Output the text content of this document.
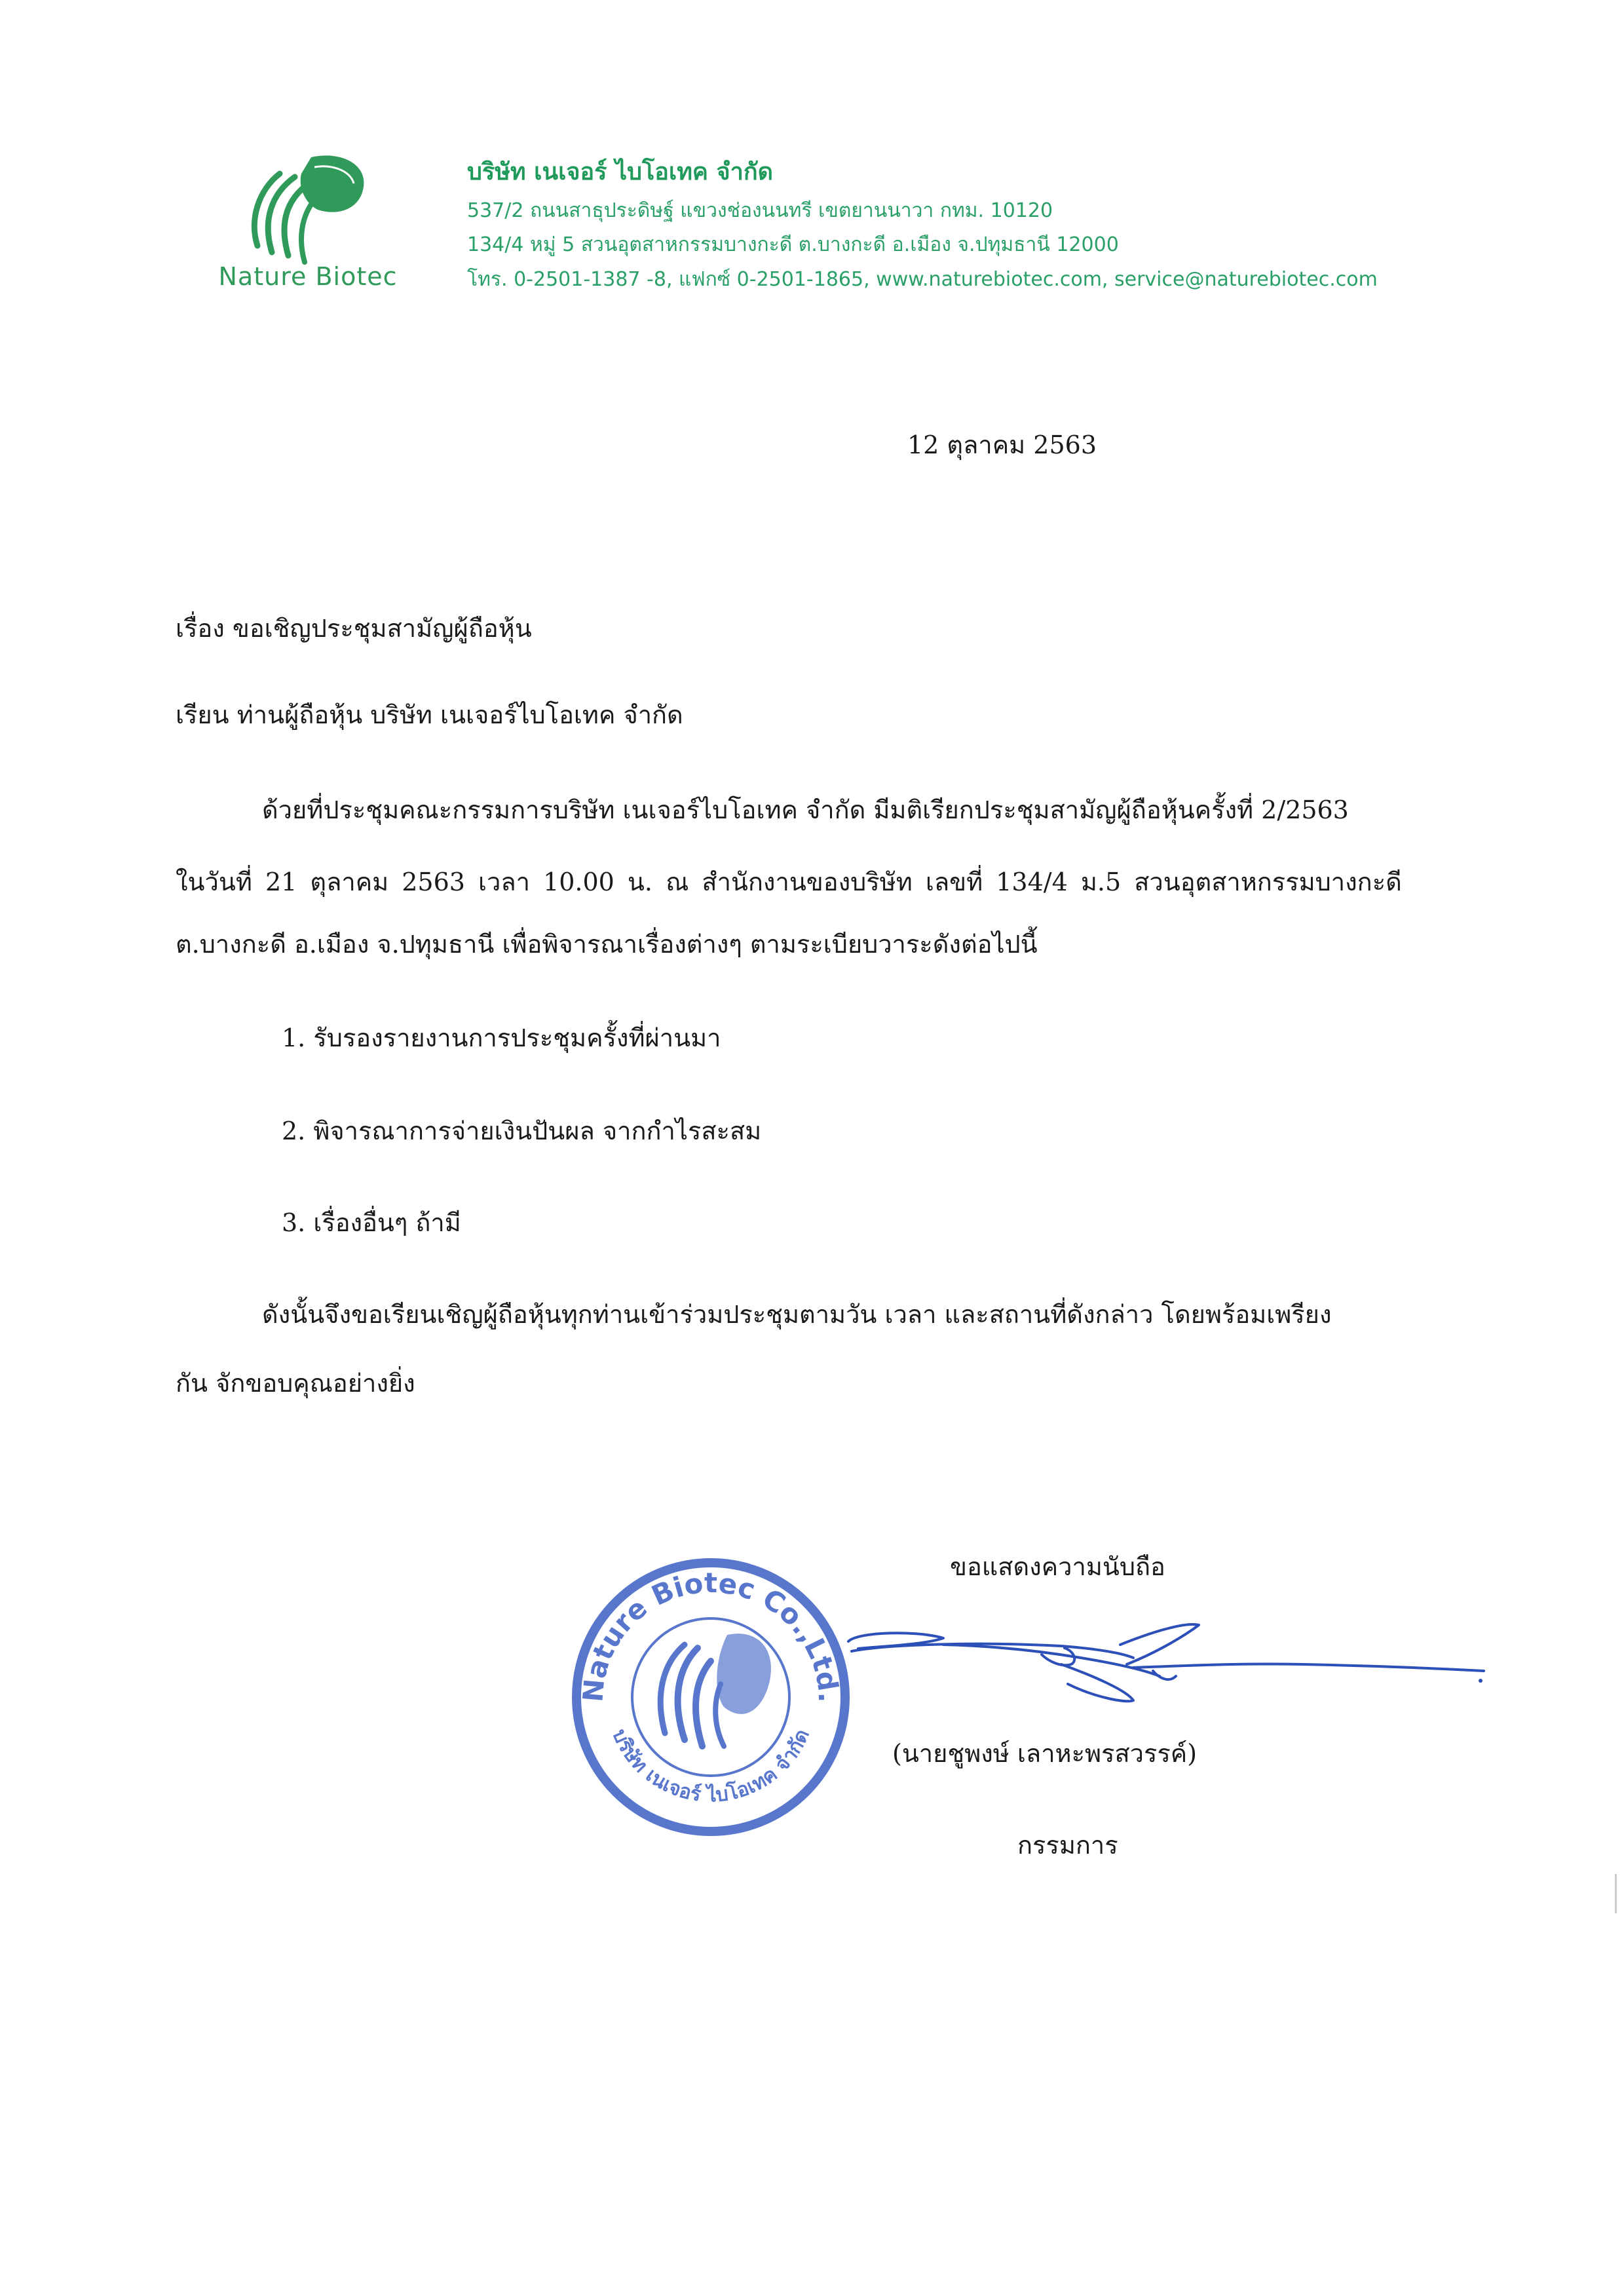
Nature Biotec
บริษัท เนเจอร์ ไบโอเทค จำกัด
537/2 ถนนสาธุประดิษฐ์ แขวงช่องนนทรี เขตยานนาวา กทม. 10120
134/4 หมู่ 5 สวนอุตสาหกรรมบางกะดี ต.บางกะดี อ.เมือง จ.ปทุมธานี 12000
โทร. 0-2501-1387 -8, แฟกซ์ 0-2501-1865, www.naturebiotec.com, service@naturebiotec.com
12 ตุลาคม 2563
เรื่อง ขอเชิญประชุมสามัญผู้ถือหุ้น
เรียน ท่านผู้ถือหุ้น บริษัท เนเจอร์ไบโอเทค จำกัด
ด้วยที่ประชุมคณะกรรมการบริษัท เนเจอร์ไบโอเทค จำกัด มีมติเรียกประชุมสามัญผู้ถือหุ้นครั้งที่ 2/2563
ในวันที่ 21 ตุลาคม 2563 เวลา 10.00 น. ณ สำนักงานของบริษัท เลขที่ 134/4 ม.5 สวนอุตสาหกรรมบางกะดี
ต.บางกะดี อ.เมือง จ.ปทุมธานี เพื่อพิจารณาเรื่องต่างๆ ตามระเบียบวาระดังต่อไปนี้
1. รับรองรายงานการประชุมครั้งที่ผ่านมา
2. พิจารณาการจ่ายเงินปันผล จากกำไรสะสม
3. เรื่องอื่นๆ ถ้ามี
ดังนั้นจึงขอเรียนเชิญผู้ถือหุ้นทุกท่านเข้าร่วมประชุมตามวัน เวลา และสถานที่ดังกล่าว โดยพร้อมเพรียง
กัน จักขอบคุณอย่างยิ่ง
ขอแสดงความนับถือ
Nature Biotec Co.,Ltd.
บริษัท เนเจอร์ ไบโอเทค จำกัด
(นายชูพงษ์ เลาหะพรสวรรค์)
กรรมการ
